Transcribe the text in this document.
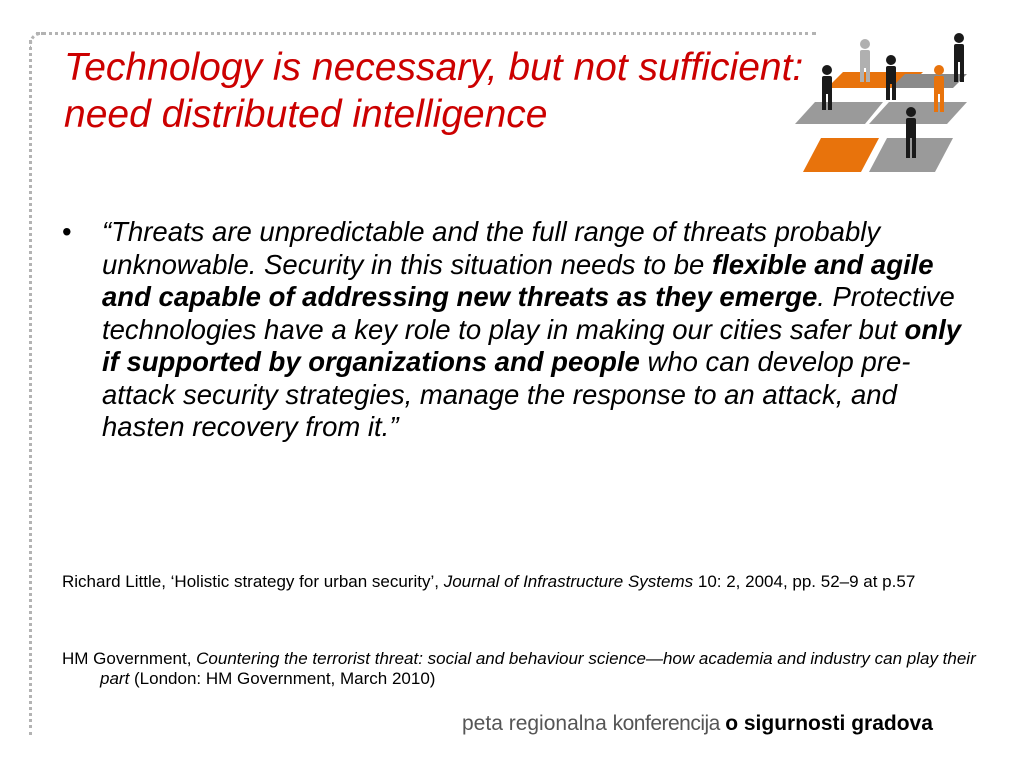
Technology is necessary, but not sufficient:
need distributed intelligence
• “Threats are unpredictable and the full range of threats probably unknowable. Security in this situation needs to be flexible and agile and capable of addressing new threats as they emerge. Protective technologies have a key role to play in making our cities safer but only if supported by organizations and people who can develop pre-attack security strategies, manage the response to an attack, and hasten recovery from it.”

Richard Little, ‘Holistic strategy for urban security’, Journal of Infrastructure Systems 10: 2, 2004, pp. 52–9 at p.57

HM Government, Countering the terrorist threat: social and behaviour science—how academia and industry can play their part (London: HM Government, March 2010)

peta regionalna konferencija o sigurnosti gradova
